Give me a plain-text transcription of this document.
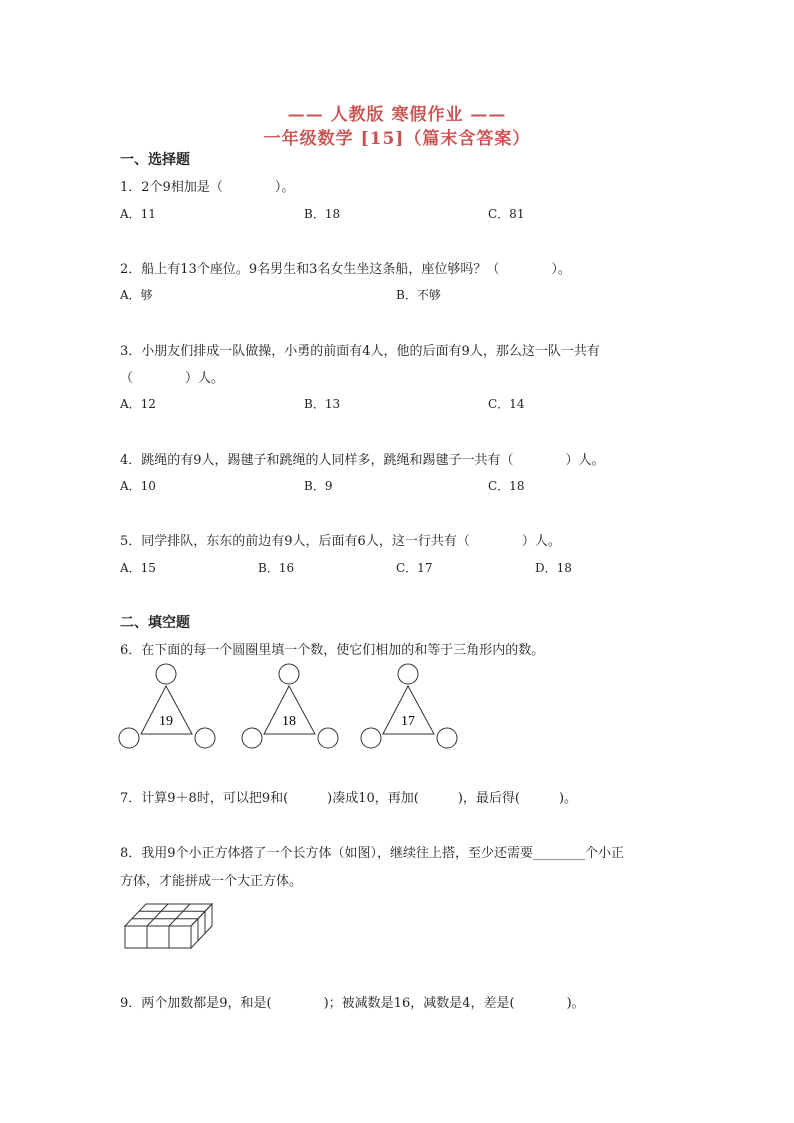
—— 人教版 寒假作业 ——
一年级数学 [15]（篇末含答案）
一、选择题
1．2个9相加是（　　　　）。
A．11	B．18	C．81
2．船上有13个座位。9名男生和3名女生坐这条船，座位够吗？（　　　　）。
A．够	B．不够
3．小朋友们排成一队做操，小勇的前面有4人，他的后面有9人，那么这一队一共有
（　　　　）人。
A．12	B．13	C．14
4．跳绳的有9人，踢毽子和跳绳的人同样多，跳绳和踢毽子一共有（　　　　）人。
A．10	B．9	C．18
5．同学排队，东东的前边有9人，后面有6人，这一行共有（　　　　）人。
A．15	B．16	C．17	D．18
二、填空题
6．在下面的每一个圆圈里填一个数，使它们相加的和等于三角形内的数。
19	18	17
7．计算9＋8时，可以把9和(　　　)凑成10，再加(　　　)，最后得(　　　)。
8．我用9个小正方体搭了一个长方体（如图），继续往上搭，至少还需要________个小正
方体，才能拼成一个大正方体。
9．两个加数都是9，和是(　　　　)；被减数是16，减数是4，差是(　　　　)。
